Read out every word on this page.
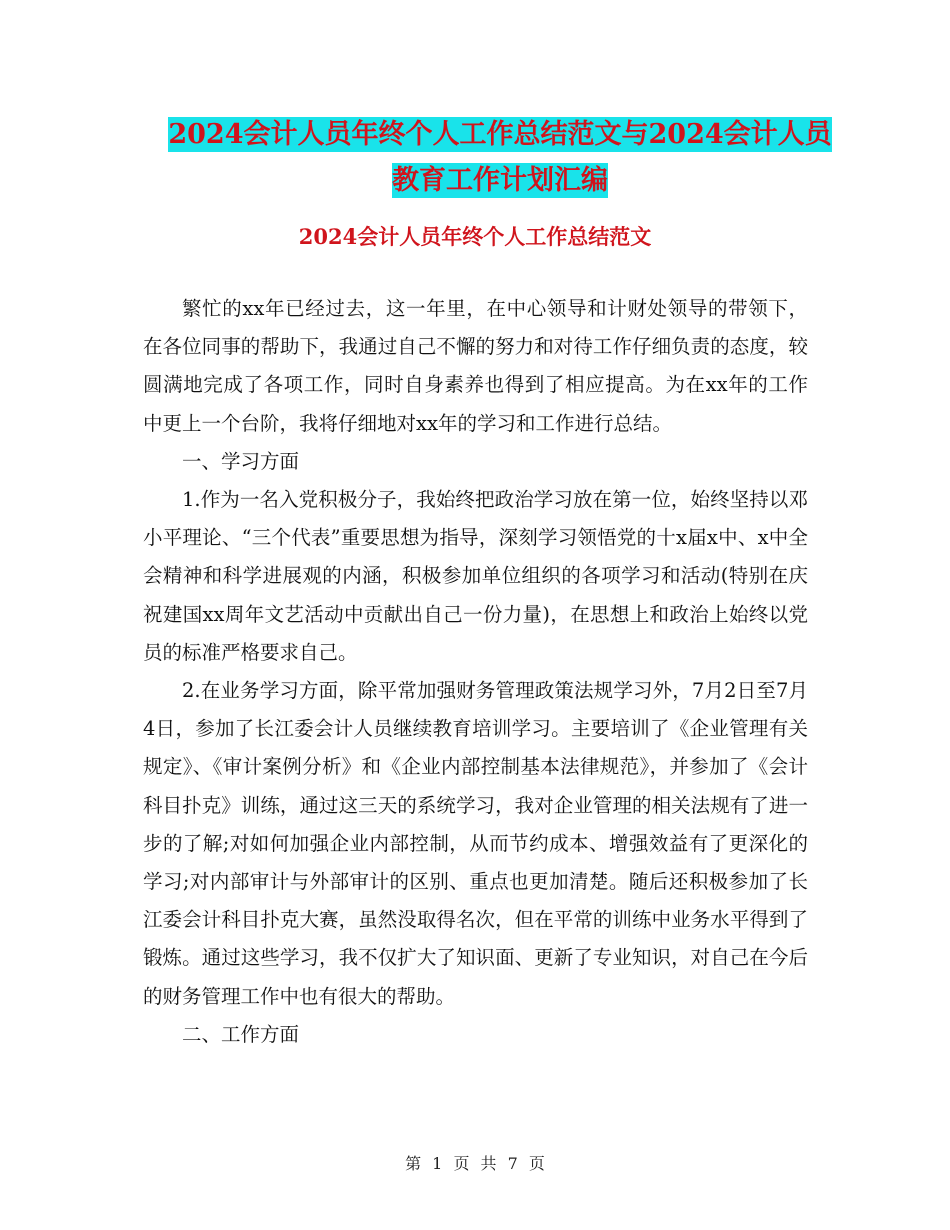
2024会计人员年终个人工作总结范文与2024会计人员
教育工作计划汇编
2024会计人员年终个人工作总结范文

繁忙的xx年已经过去，这一年里，在中心领导和计财处领导的带领下，在各位同事的帮助下，我通过自己不懈的努力和对待工作仔细负责的态度，较圆满地完成了各项工作，同时自身素养也得到了相应提高。为在xx年的工作中更上一个台阶，我将仔细地对xx年的学习和工作进行总结。

一、学习方面

1.作为一名入党积极分子，我始终把政治学习放在第一位，始终坚持以邓小平理论、“三个代表”重要思想为指导，深刻学习领悟党的十x届x中、x中全会精神和科学进展观的内涵，积极参加单位组织的各项学习和活动(特别在庆祝建国xx周年文艺活动中贡献出自己一份力量)，在思想上和政治上始终以党员的标准严格要求自己。

2.在业务学习方面，除平常加强财务管理政策法规学习外，7月2日至7月4日，参加了长江委会计人员继续教育培训学习。主要培训了《企业管理有关规定》、《审计案例分析》和《企业内部控制基本法律规范》，并参加了《会计科目扑克》训练，通过这三天的系统学习，我对企业管理的相关法规有了进一步的了解;对如何加强企业内部控制，从而节约成本、增强效益有了更深化的学习;对内部审计与外部审计的区别、重点也更加清楚。随后还积极参加了长江委会计科目扑克大赛，虽然没取得名次，但在平常的训练中业务水平得到了锻炼。通过这些学习，我不仅扩大了知识面、更新了专业知识，对自己在今后的财务管理工作中也有很大的帮助。

二、工作方面

第 1 页 共 7 页
